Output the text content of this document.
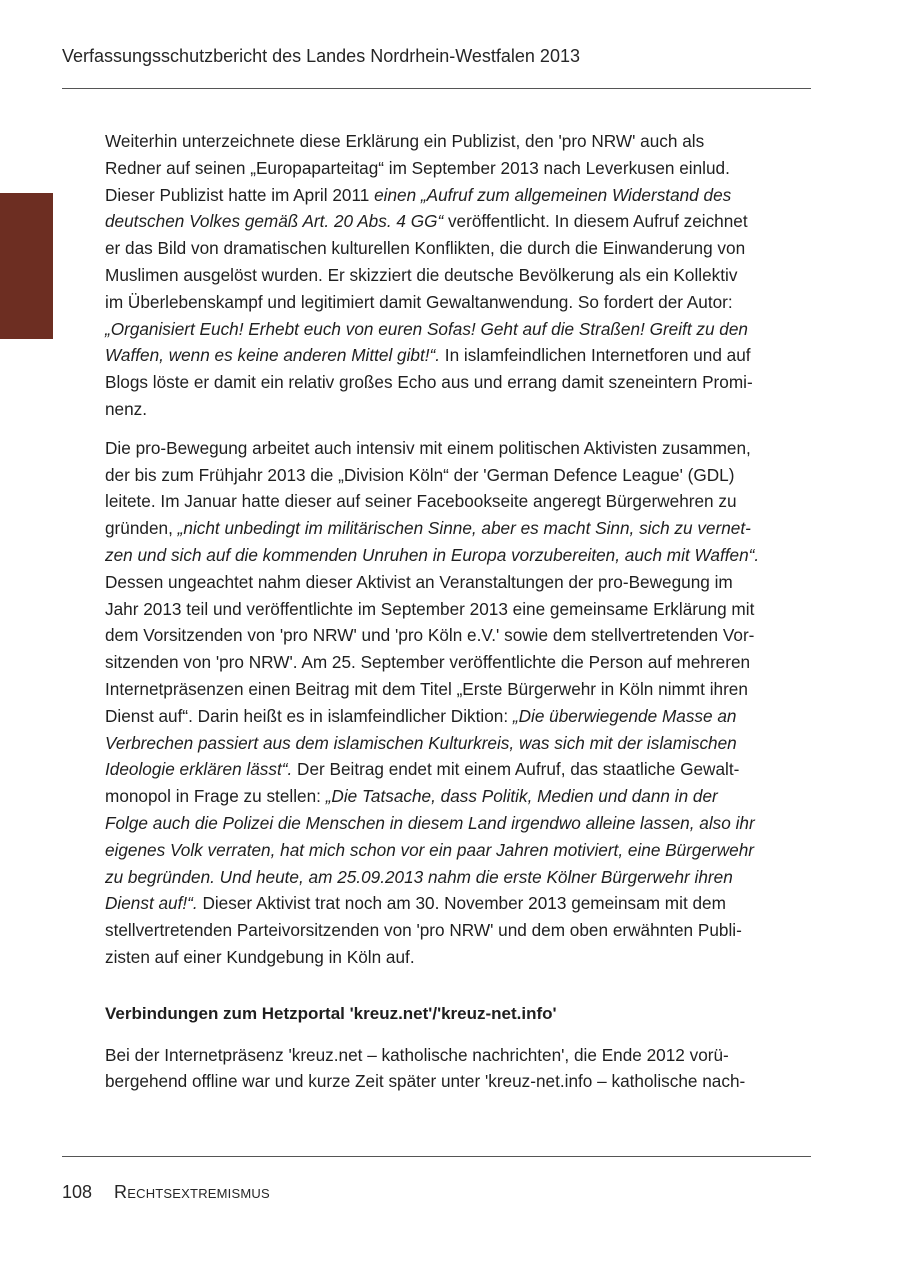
Verfassungsschutzbericht des Landes Nordrhein-Westfalen 2013

Weiterhin unterzeichnete diese Erklärung ein Publizist, den 'pro NRW' auch als
Redner auf seinen „Europaparteitag“ im September 2013 nach Leverkusen einlud.
Dieser Publizist hatte im April 2011 einen „Aufruf zum allgemeinen Widerstand des
deutschen Volkes gemäß Art. 20 Abs. 4 GG“ veröffentlicht. In diesem Aufruf zeichnet
er das Bild von dramatischen kulturellen Konflikten, die durch die Einwanderung von
Muslimen ausgelöst wurden. Er skizziert die deutsche Bevölkerung als ein Kollektiv
im Überlebenskampf und legitimiert damit Gewaltanwendung. So fordert der Autor:
„Organisiert Euch! Erhebt euch von euren Sofas! Geht auf die Straßen! Greift zu den
Waffen, wenn es keine anderen Mittel gibt!“. In islamfeindlichen Internetforen und auf
Blogs löste er damit ein relativ großes Echo aus und errang damit szeneintern Promi-
nenz.

Die pro-Bewegung arbeitet auch intensiv mit einem politischen Aktivisten zusammen,
der bis zum Frühjahr 2013 die „Division Köln“ der 'German Defence League' (GDL)
leitete. Im Januar hatte dieser auf seiner Facebookseite angeregt Bürgerwehren zu
gründen, „nicht unbedingt im militärischen Sinne, aber es macht Sinn, sich zu vernet-
zen und sich auf die kommenden Unruhen in Europa vorzubereiten, auch mit Waffen“.
Dessen ungeachtet nahm dieser Aktivist an Veranstaltungen der pro-Bewegung im
Jahr 2013 teil und veröffentlichte im September 2013 eine gemeinsame Erklärung mit
dem Vorsitzenden von 'pro NRW' und 'pro Köln e.V.' sowie dem stellvertretenden Vor-
sitzenden von 'pro NRW'. Am 25. September veröffentlichte die Person auf mehreren
Internetpräsenzen einen Beitrag mit dem Titel „Erste Bürgerwehr in Köln nimmt ihren
Dienst auf“. Darin heißt es in islamfeindlicher Diktion: „Die überwiegende Masse an
Verbrechen passiert aus dem islamischen Kulturkreis, was sich mit der islamischen
Ideologie erklären lässt“. Der Beitrag endet mit einem Aufruf, das staatliche Gewalt-
monopol in Frage zu stellen: „Die Tatsache, dass Politik, Medien und dann in der
Folge auch die Polizei die Menschen in diesem Land irgendwo alleine lassen, also ihr
eigenes Volk verraten, hat mich schon vor ein paar Jahren motiviert, eine Bürgerwehr
zu begründen. Und heute, am 25.09.2013 nahm die erste Kölner Bürgerwehr ihren
Dienst auf!“. Dieser Aktivist trat noch am 30. November 2013 gemeinsam mit dem
stellvertretenden Parteivorsitzenden von 'pro NRW' und dem oben erwähnten Publi-
zisten auf einer Kundgebung in Köln auf.

Verbindungen zum Hetzportal 'kreuz.net'/'kreuz-net.info'

Bei der Internetpräsenz 'kreuz.net – katholische nachrichten', die Ende 2012 vorü-
bergehend offline war und kurze Zeit später unter 'kreuz-net.info – katholische nach-

108 Rechtsextremismus
